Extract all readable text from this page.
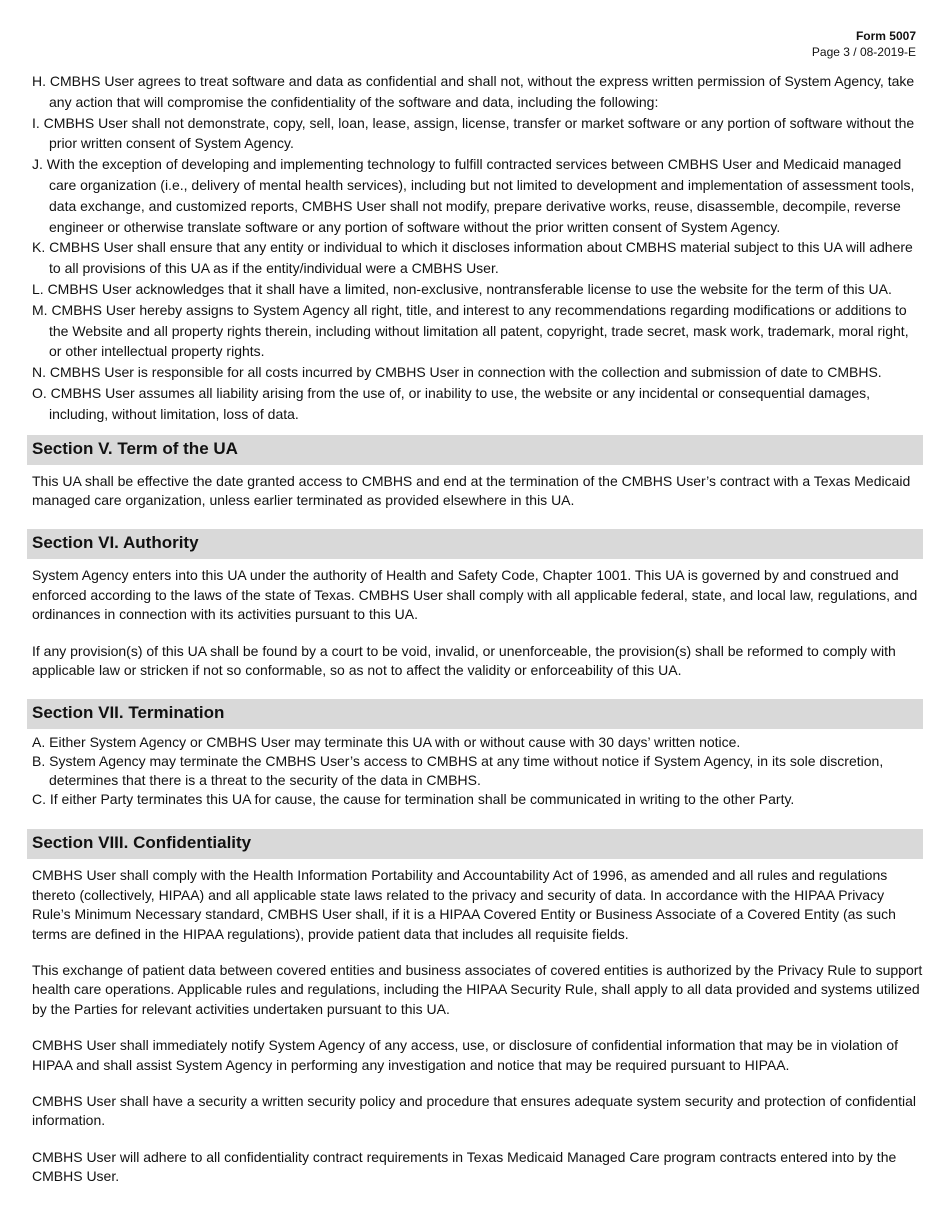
Form 5007
Page 3 / 08-2019-E
H. CMBHS User agrees to treat software and data as confidential and shall not, without the express written permission of System Agency, take any action that will compromise the confidentiality of the software and data, including the following:
I. CMBHS User shall not demonstrate, copy, sell, loan, lease, assign, license, transfer or market software or any portion of software without the prior written consent of System Agency.
J. With the exception of developing and implementing technology to fulfill contracted services between CMBHS User and Medicaid managed care organization (i.e., delivery of mental health services), including but not limited to development and implementation of assessment tools, data exchange, and customized reports, CMBHS User shall not modify, prepare derivative works, reuse, disassemble, decompile, reverse engineer or otherwise translate software or any portion of software without the prior written consent of System Agency.
K. CMBHS User shall ensure that any entity or individual to which it discloses information about CMBHS material subject to this UA will adhere to all provisions of this UA as if the entity/individual were a CMBHS User.
L. CMBHS User acknowledges that it shall have a limited, non-exclusive, nontransferable license to use the website for the term of this UA.
M. CMBHS User hereby assigns to System Agency all right, title, and interest to any recommendations regarding modifications or additions to the Website and all property rights therein, including without limitation all patent, copyright, trade secret, mask work, trademark, moral right, or other intellectual property rights.
N. CMBHS User is responsible for all costs incurred by CMBHS User in connection with the collection and submission of date to CMBHS.
O. CMBHS User assumes all liability arising from the use of, or inability to use, the website or any incidental or consequential damages, including, without limitation, loss of data.
Section V. Term of the UA

This UA shall be effective the date granted access to CMBHS and end at the termination of the CMBHS User’s contract with a Texas Medicaid managed care organization, unless earlier terminated as provided elsewhere in this UA.

Section VI. Authority

System Agency enters into this UA under the authority of Health and Safety Code, Chapter 1001. This UA is governed by and construed and enforced according to the laws of the state of Texas. CMBHS User shall comply with all applicable federal, state, and local law, regulations, and ordinances in connection with its activities pursuant to this UA.

If any provision(s) of this UA shall be found by a court to be void, invalid, or unenforceable, the provision(s) shall be reformed to comply with applicable law or stricken if not so conformable, so as not to affect the validity or enforceability of this UA.

Section VII. Termination
A. Either System Agency or CMBHS User may terminate this UA with or without cause with 30 days’ written notice.
B. System Agency may terminate the CMBHS User’s access to CMBHS at any time without notice if System Agency, in its sole discretion, determines that there is a threat to the security of the data in CMBHS.
C. If either Party terminates this UA for cause, the cause for termination shall be communicated in writing to the other Party.
Section VIII. Confidentiality

CMBHS User shall comply with the Health Information Portability and Accountability Act of 1996, as amended and all rules and regulations thereto (collectively, HIPAA) and all applicable state laws related to the privacy and security of data. In accordance with the HIPAA Privacy Rule’s Minimum Necessary standard, CMBHS User shall, if it is a HIPAA Covered Entity or Business Associate of a Covered Entity (as such terms are defined in the HIPAA regulations), provide patient data that includes all requisite fields.

This exchange of patient data between covered entities and business associates of covered entities is authorized by the Privacy Rule to support health care operations. Applicable rules and regulations, including the HIPAA Security Rule, shall apply to all data provided and systems utilized by the Parties for relevant activities undertaken pursuant to this UA.

CMBHS User shall immediately notify System Agency of any access, use, or disclosure of confidential information that may be in violation of HIPAA and shall assist System Agency in performing any investigation and notice that may be required pursuant to HIPAA.

CMBHS User shall have a security a written security policy and procedure that ensures adequate system security and protection of confidential information.

CMBHS User will adhere to all confidentiality contract requirements in Texas Medicaid Managed Care program contracts entered into by the CMBHS User.
